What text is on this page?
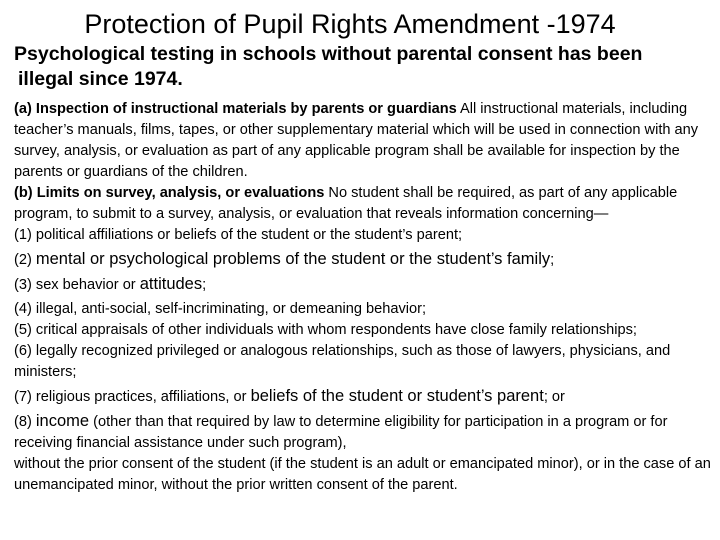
Protection of Pupil Rights Amendment -1974
Psychological testing in schools without parental consent has been
illegal since 1974.

(a) Inspection of instructional materials by parents or guardians All instructional materials, including teacher’s manuals, films, tapes, or other supplementary material which will be used in connection with any survey, analysis, or evaluation as part of any applicable program shall be available for inspection by the parents or guardians of the children.

(b) Limits on survey, analysis, or evaluations No student shall be required, as part of any applicable program, to submit to a survey, analysis, or evaluation that reveals information concerning—

(1) political affiliations or beliefs of the student or the student’s parent;

(2) mental or psychological problems of the student or the student’s family;

(3) sex behavior or attitudes;

(4) illegal, anti-social, self-incriminating, or demeaning behavior;

(5) critical appraisals of other individuals with whom respondents have close family relationships;

(6) legally recognized privileged or analogous relationships, such as those of lawyers, physicians, and ministers;

(7) religious practices, affiliations, or beliefs of the student or student’s parent; or

(8) income (other than that required by law to determine eligibility for participation in a program or for receiving financial assistance under such program),

without the prior consent of the student (if the student is an adult or emancipated minor), or in the case of an unemancipated minor, without the prior written consent of the parent.
